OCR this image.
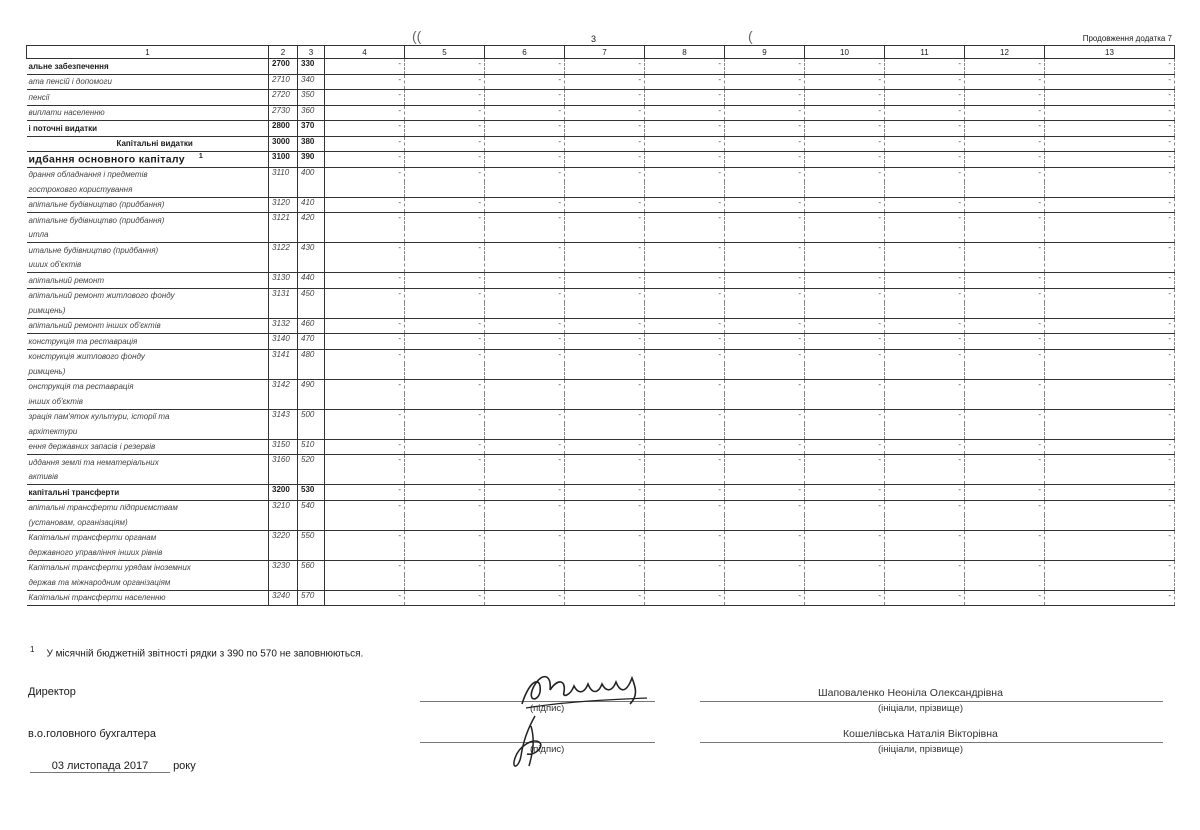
3	Продовження додатка 7
((	(
1	2	3	4	5	6	7	8	9	10	11	12	13
альне забезпечення	2700	330	-	-	-	-	-	-	-	-	-	-
ата пенсій і допомоги	2710	340	-	-	-	-	-	-	-	-	-	-
пенсії	2720	350	-	-	-	-	-	-	-	-	-	-
виплати населенню	2730	360	-	-	-	-	-	-	-	-	-	-
і поточні видатки	2800	370	-	-	-	-	-	-	-	-	-	-
Капітальні видатки	3000	380	-	-	-	-	-	-	-	-	-	-
идбання основного капіталу $^1$	3100	390	-	-	-	-	-	-	-	-	-	-
драння обладнання і предметів	3110	400	-	-	-	-	-	-	-	-	-	-
гостроковго користування												
апітальне будівництво (придбання)	3120	410	-	-	-	-	-	-	-	-	-	-
апітальне будівництво (придбання)	3121	420	-	-	-	-	-	-	-	-	-	-
итла												
итальне будівництво (придбання)	3122	430	-	-	-	-	-	-	-	-	-	-
иших об'єктів												
апітальний ремонт	3130	440	-	-	-	-	-	-	-	-	-	-
апітальний ремонт житлового фонду	3131	450	-	-	-	-	-	-	-	-	-	-
римщень)												
апітальний ремонт інших об'єктів	3132	460	-	-	-	-	-	-	-	-	-	-
конструкція та реставрація	3140	470	-	-	-	-	-	-	-	-	-	-
конструкція житлового фонду	3141	480	-	-	-	-	-	-	-	-	-	-
римщень)												
онструкція та реставрація	3142	490	-	-	-	-	-	-	-	-	-	-
інших об'єктів												
зрація пам'яток культури, історії та	3143	500	-	-	-	-	-	-	-	-	-	-
архітектури												
ення державних запасів і резервів	3150	510	-	-	-	-	-	-	-	-	-	-
иддання землі та нематеріальних	3160	520	-	-	-	-	-	-	-	-	-	-
активів												
капітальні трансферти	3200	530	-	-	-	-	-	-	-	-	-	-
апітальні трансферти підприємствам	3210	540	-	-	-	-	-	-	-	-	-	-
(установам, організаціям)												
Капітальні трансферти органам	3220	550	-	-	-	-	-	-	-	-	-	-
державного управління інших рівнів												
Капітальні трансферти урядам іноземних	3230	560	-	-	-	-	-	-	-	-	-	-
держав та міжнародним організаціям												
Капітальні трансферти населенню	3240	570	-	-	-	-	-	-	-	-	-	-
$^1$ У місячній бюджетній звітності рядки з 390 по 570 не заповнюються.
Директор
(підпис)
Шаповаленко Неоніла Олександрівна
(ініціали, прізвище)
в.о.головного бухгалтера
(підпис)
Кошелівська Наталія Вікторівна
(ініціали, прізвище)
03 листопада 2017 року
